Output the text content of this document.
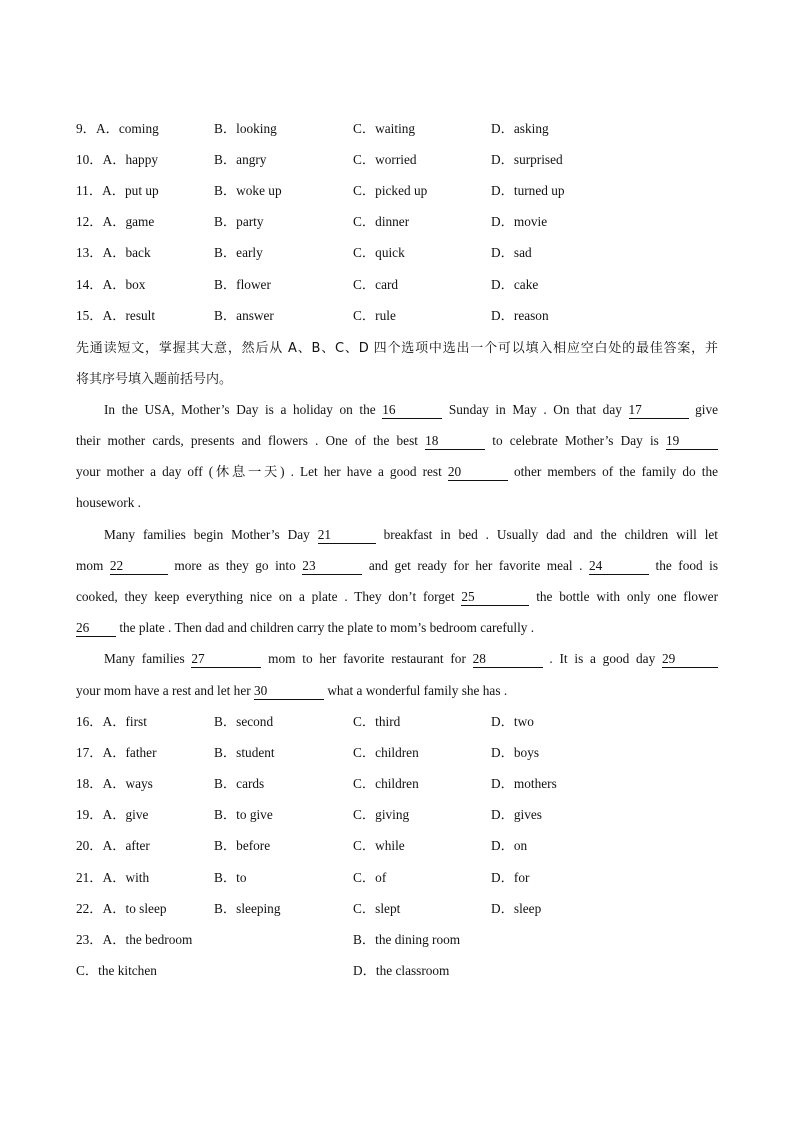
9．A．coming	B．looking	C．waiting	D．asking
10．A．happy	B．angry	C．worried	D．surprised
11．A．put up	B．woke up	C．picked up	D．turned up
12．A．game	B．party	C．dinner	D．movie
13．A．back	B．early	C．quick	D．sad
14．A．box	B．flower	C．card	D．cake
15．A．result	B．answer	C．rule	D．reason
先通读短文，掌握其大意，然后从 A、B、C、D 四个选项中选出一个可以填入相应空白处的最佳答案，并
将其序号填入题前括号内。
In the USA, Mother’s Day is a holiday on the 16	Sunday in May . On that day 17	give
their mother cards, presents and flowers . One of the best 18	to celebrate Mother’s Day is 19
your mother a day off (休息一天) . Let her have a good rest 20	other members of the family do the
housework .
Many families begin Mother’s Day 21	breakfast in bed . Usually dad and the children will let
mom 22	more as they go into 23	and get ready for her favorite meal . 24	the food is
cooked, they keep everything nice on a plate . They don’t forget 25	the bottle with only one flower
26 the plate . Then dad and children carry the plate to mom’s bedroom carefully .
Many families 27	mom to her favorite restaurant for 28	. It is a good day 29
your mom have a rest and let her 30	what a wonderful family she has .
16．A．first	B．second	C．third	D．two
17．A．father	B．student	C．children	D．boys
18．A．ways	B．cards	C．children	D．mothers
19．A．give	B．to give	C．giving	D．gives
20．A．after	B．before	C．while	D．on
21．A．with	B．to	C．of	D．for
22．A．to sleep	B．sleeping	C．slept	D．sleep
23．A．the bedroom	B．the dining room
C．the kitchen	D．the classroom
